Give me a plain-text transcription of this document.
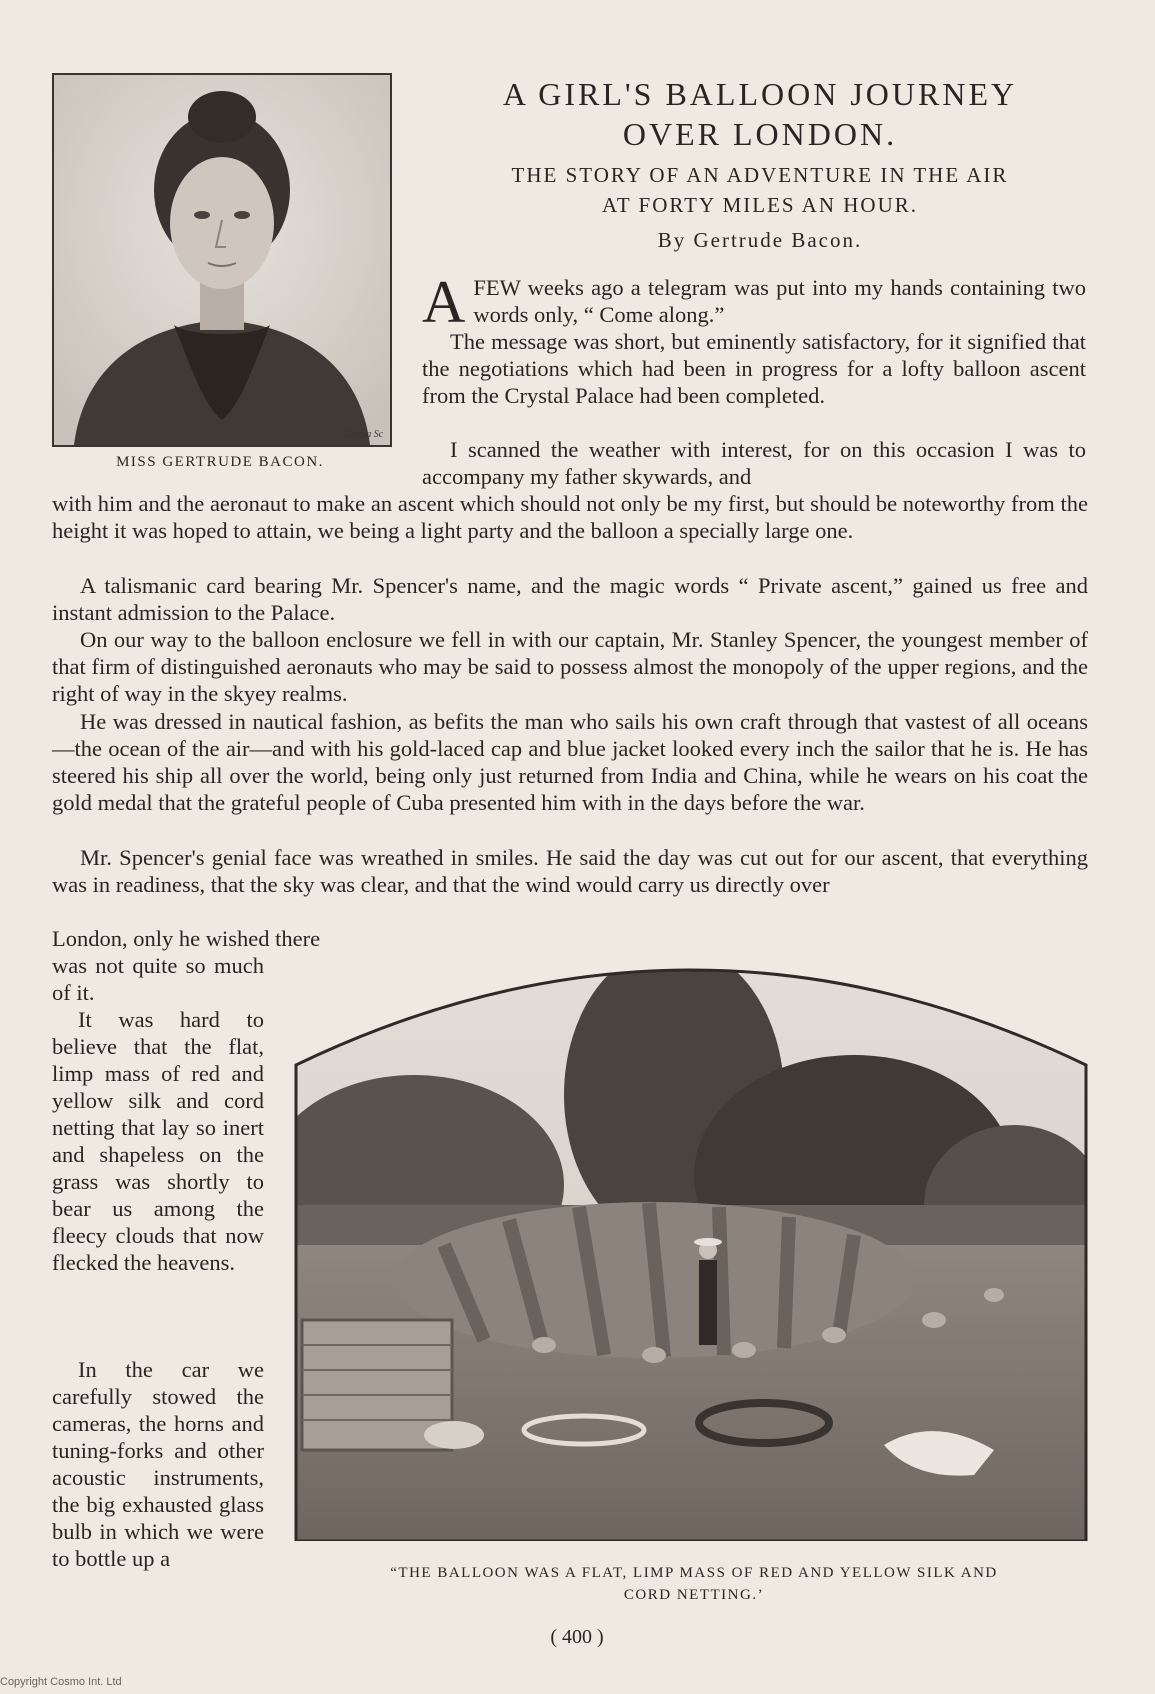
Sakaia Sc
MISS GERTRUDE BACON.
A GIRL'S BALLOON JOURNEY
OVER LONDON.
THE STORY OF AN ADVENTURE IN THE AIR
AT FORTY MILES AN HOUR.
By Gertrude Bacon.

AFEW weeks ago a telegram was put into my hands containing two words only, “ Come along.”

The message was short, but eminently satisfactory, for it signified that the negotiations which had been in progress for a lofty balloon ascent from the Crystal Palace had been completed.

I scanned the weather with interest, for on this occasion I was to accompany my father skywards, and

with him and the aeronaut to make an ascent which should not only be my first, but should be noteworthy from the height it was hoped to attain, we being a light party and the balloon a specially large one.

A talismanic card bearing Mr. Spencer's name, and the magic words “ Private ascent,” gained us free and instant admission to the Palace.

On our way to the balloon enclosure we fell in with our captain, Mr. Stanley Spencer, the youngest member of that firm of distinguished aeronauts who may be said to possess almost the monopoly of the upper regions, and the right of way in the skyey realms.

He was dressed in nautical fashion, as befits the man who sails his own craft through that vastest of all oceans—the ocean of the air—and with his gold-laced cap and blue jacket looked every inch the sailor that he is. He has steered his ship all over the world, being only just returned from India and China, while he wears on his coat the gold medal that the grateful people of Cuba presented him with in the days before the war.

Mr. Spencer's genial face was wreathed in smiles. He said the day was cut out for our ascent, that everything was in readiness, that the sky was clear, and that the wind would carry us directly over

London, only he wished there

was not quite so much of it.

It was hard to believe that the flat, limp mass of red and yellow silk and cord netting that lay so inert and shapeless on the grass was shortly to bear us among the fleecy clouds that now flecked the heavens.

In the car we carefully stowed the cameras, the horns and tuning-forks and other acoustic instruments, the big exhausted glass bulb in which we were to bottle up a

“THE BALLOON WAS A FLAT, LIMP MASS OF RED AND YELLOW SILK AND
CORD NETTING.’
( 400 )
Copyright Cosmo Int. Ltd
